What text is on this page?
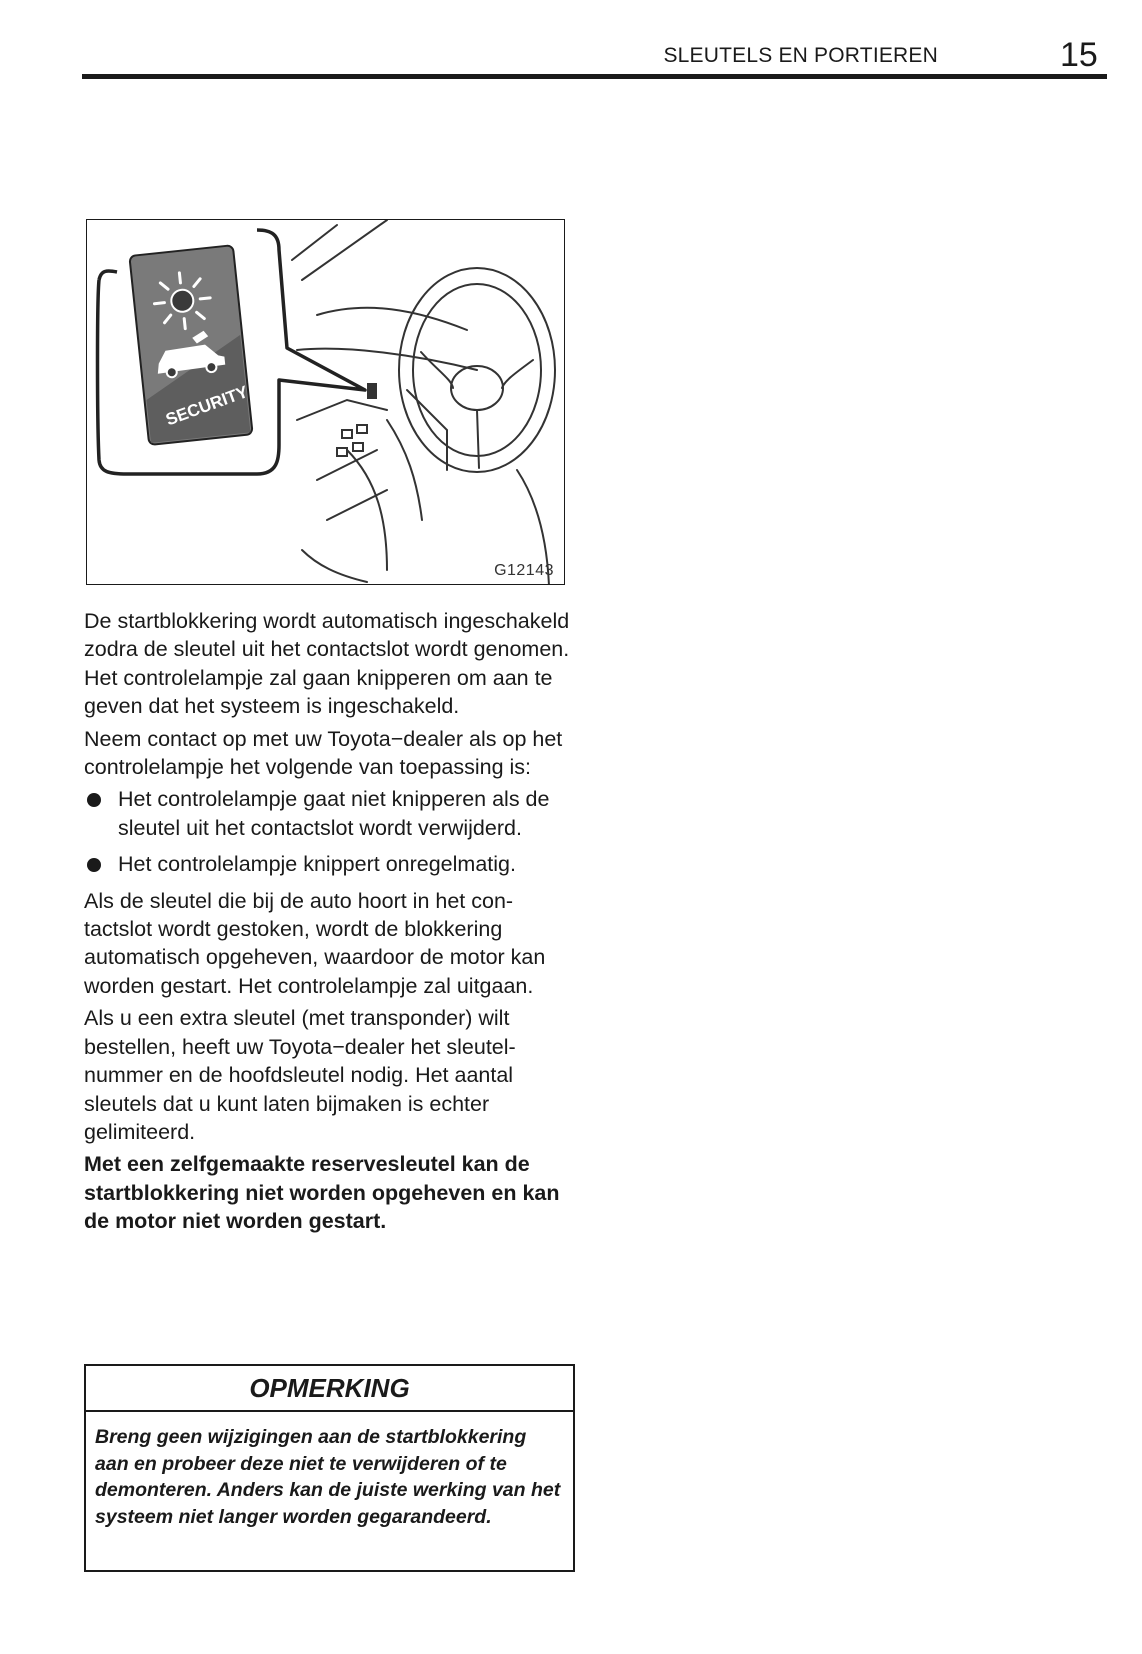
SLEUTELS EN PORTIEREN	15
SECURITY
G12143

De startblokkering wordt automatisch ingeschakeld zodra de sleutel uit het contactslot wordt genomen. Het controlelampje zal gaan knipperen om aan te geven dat het systeem is ingeschakeld.

Neem contact op met uw Toyota−dealer als op het controlelampje het volgende van toepassing is:

Het controlelampje gaat niet knipperen als de sleutel uit het contactslot wordt verwijderd.
Het controlelampje knippert onregelmatig.

Als de sleutel die bij de auto hoort in het contactslot wordt gestoken, wordt de blokkering automatisch opgeheven, waardoor de motor kan worden gestart. Het controlelampje zal uitgaan.

Als u een extra sleutel (met transponder) wilt bestellen, heeft uw Toyota−dealer het sleutelnummer en de hoofdsleutel nodig. Het aantal sleutels dat u kunt laten bijmaken is echter gelimiteerd.

Met een zelfgemaakte reservesleutel kan de startblokkering niet worden opgeheven en kan de motor niet worden gestart.

OPMERKING
Breng geen wijzigingen aan de startblokkering aan en probeer deze niet te verwijderen of te demonteren. Anders kan de juiste werking van het systeem niet langer worden gegarandeerd.
